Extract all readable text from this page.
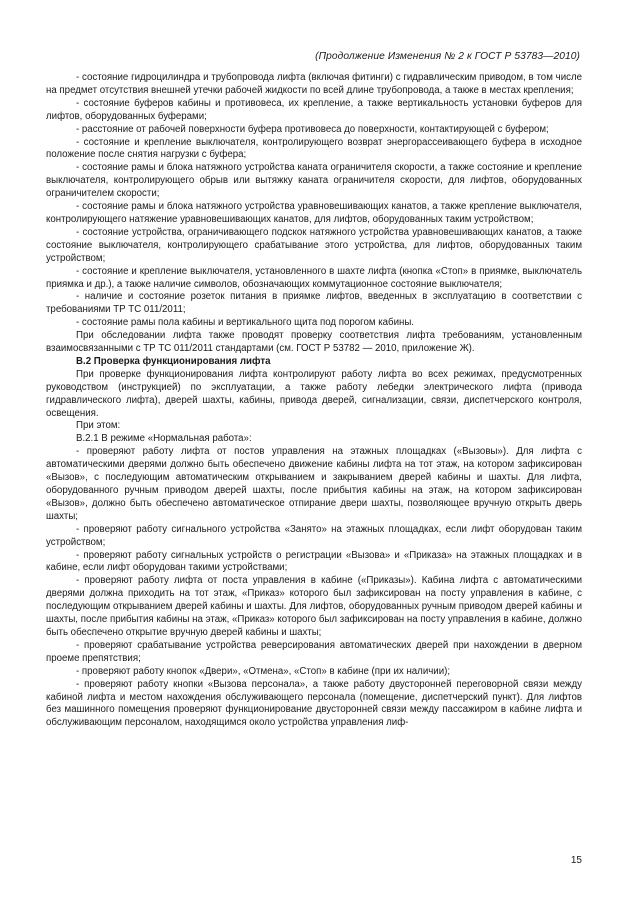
(Продолжение Изменения № 2 к ГОСТ Р 53783—2010)

- состояние гидроцилиндра и трубопровода лифта (включая фитинги) с гидравлическим приводом, в том числе на предмет отсутствия внешней утечки рабочей жидкости по всей длине трубопровода, а также в местах крепления;

- состояние буферов кабины и противовеса, их крепление, а также вертикальность установки буферов для лифтов, оборудованных буферами;

- расстояние от рабочей поверхности буфера противовеса до поверхности, контактирующей с буфером;

- состояние и крепление выключателя, контролирующего возврат энергорассеивающего буфера в исходное положение после снятия нагрузки с буфера;

- состояние рамы и блока натяжного устройства каната ограничителя скорости, а также состояние и крепление выключателя, контролирующего обрыв или вытяжку каната ограничителя скорости, для лифтов, оборудованных ограничителем скорости;

- состояние рамы и блока натяжного устройства уравновешивающих канатов, а также крепление выключателя, контролирующего натяжение уравновешивающих канатов, для лифтов, оборудованных таким устройством;

- состояние устройства, ограничивающего подскок натяжного устройства уравновешивающих канатов, а также состояние выключателя, контролирующего срабатывание этого устройства, для лифтов, оборудованных таким устройством;

- состояние и крепление выключателя, установленного в шахте лифта (кнопка «Стоп» в приямке, выключатель приямка и др.), а также наличие символов, обозначающих коммутационное состояние выключателя;

- наличие и состояние розеток питания в приямке лифтов, введенных в эксплуатацию в соответствии с требованиями ТР ТС 011/2011;

- состояние рамы пола кабины и вертикального щита под порогом кабины.

При обследовании лифта также проводят проверку соответствия лифта требованиям, установленным взаимосвязанными с ТР ТС 011/2011 стандартами (см. ГОСТ Р 53782 — 2010, приложение Ж).

В.2 Проверка функционирования лифта

При проверке функционирования лифта контролируют работу лифта во всех режимах, предусмотренных руководством (инструкцией) по эксплуатации, а также работу лебедки электрического лифта (привода гидравлического лифта), дверей шахты, кабины, привода дверей, сигнализации, связи, диспетчерского контроля, освещения.

При этом:

В.2.1 В режиме «Нормальная работа»:

- проверяют работу лифта от постов управления на этажных площадках («Вызовы»). Для лифта с автоматическими дверями должно быть обеспечено движение кабины лифта на тот этаж, на котором зафиксирован «Вызов», с последующим автоматическим открыванием и закрыванием дверей кабины и шахты. Для лифта, оборудованного ручным приводом дверей шахты, после прибытия кабины на этаж, на котором зафиксирован «Вызов», должно быть обеспечено автоматическое отпирание двери шахты, позволяющее вручную открыть дверь шахты;

- проверяют работу сигнального устройства «Занято» на этажных площадках, если лифт оборудован таким устройством;

- проверяют работу сигнальных устройств о регистрации «Вызова» и «Приказа» на этажных площадках и в кабине, если лифт оборудован такими устройствами;

- проверяют работу лифта от поста управления в кабине («Приказы»). Кабина лифта с автоматическими дверями должна приходить на тот этаж, «Приказ» которого был зафиксирован на посту управления в кабине, с последующим открыванием дверей кабины и шахты. Для лифтов, оборудованных ручным приводом дверей кабины и шахты, после прибытия кабины на этаж, «Приказ» которого был зафиксирован на посту управления в кабине, должно быть обеспечено открытие вручную дверей кабины и шахты;

- проверяют срабатывание устройства реверсирования автоматических дверей при нахождении в дверном проеме препятствия;

- проверяют работу кнопок «Двери», «Отмена», «Стоп» в кабине (при их наличии);

- проверяют работу кнопки «Вызова персонала», а также работу двусторонней переговорной связи между кабиной лифта и местом нахождения обслуживающего персонала (помещение, диспетчерский пункт). Для лифтов без машинного помещения проверяют функционирование двусторонней связи между пассажиром в кабине лифта и обслуживающим персоналом, находящимся около устройства управления лиф-

15
